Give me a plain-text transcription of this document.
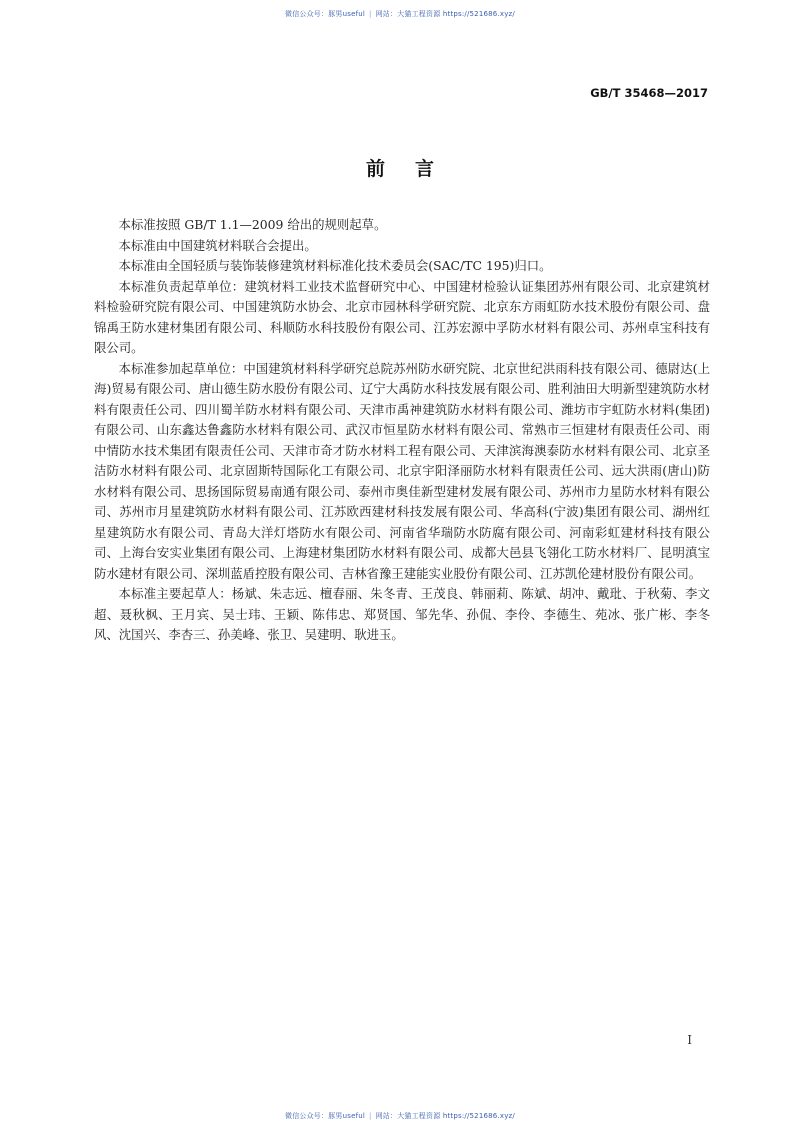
微信公众号：豚男useful | 网站：大猫工程资源 https://521686.xyz/
GB/T 35468—2017
前言

本标准按照 GB/T 1.1—2009 给出的规则起草。

本标准由中国建筑材料联合会提出。

本标准由全国轻质与装饰装修建筑材料标准化技术委员会(SAC/TC 195)归口。

本标准负责起草单位：建筑材料工业技术监督研究中心、中国建材检验认证集团苏州有限公司、北京建筑材料检验研究院有限公司、中国建筑防水协会、北京市园林科学研究院、北京东方雨虹防水技术股份有限公司、盘锦禹王防水建材集团有限公司、科顺防水科技股份有限公司、江苏宏源中孚防水材料有限公司、苏州卓宝科技有限公司。

本标准参加起草单位：中国建筑材料科学研究总院苏州防水研究院、北京世纪洪雨科技有限公司、德尉达(上海)贸易有限公司、唐山德生防水股份有限公司、辽宁大禹防水科技发展有限公司、胜利油田大明新型建筑防水材料有限责任公司、四川蜀羊防水材料有限公司、天津市禹神建筑防水材料有限公司、潍坊市宇虹防水材料(集团)有限公司、山东鑫达鲁鑫防水材料有限公司、武汉市恒星防水材料有限公司、常熟市三恒建材有限责任公司、雨中情防水技术集团有限责任公司、天津市奇才防水材料工程有限公司、天津滨海澳泰防水材料有限公司、北京圣洁防水材料有限公司、北京固斯特国际化工有限公司、北京宇阳泽丽防水材料有限责任公司、远大洪雨(唐山)防水材料有限公司、思扬国际贸易南通有限公司、泰州市奥佳新型建材发展有限公司、苏州市力星防水材料有限公司、苏州市月星建筑防水材料有限公司、江苏欧西建材科技发展有限公司、华高科(宁波)集团有限公司、湖州红星建筑防水有限公司、青岛大洋灯塔防水有限公司、河南省华瑞防水防腐有限公司、河南彩虹建材科技有限公司、上海台安实业集团有限公司、上海建材集团防水材料有限公司、成都大邑县飞翎化工防水材料厂、昆明滇宝防水建材有限公司、深圳蓝盾控股有限公司、吉林省豫王建能实业股份有限公司、江苏凯伦建材股份有限公司。

本标准主要起草人：杨斌、朱志远、檀春丽、朱冬青、王茂良、韩丽莉、陈斌、胡冲、戴玭、于秋菊、李文超、聂秋枫、王月宾、吴士玮、王颖、陈伟忠、郑贤国、邹先华、孙侃、李伶、李德生、苑冰、张广彬、李冬风、沈国兴、李杏三、孙美峰、张卫、吴建明、耿进玉。

I
微信公众号：豚男useful | 网站：大猫工程资源 https://521686.xyz/
